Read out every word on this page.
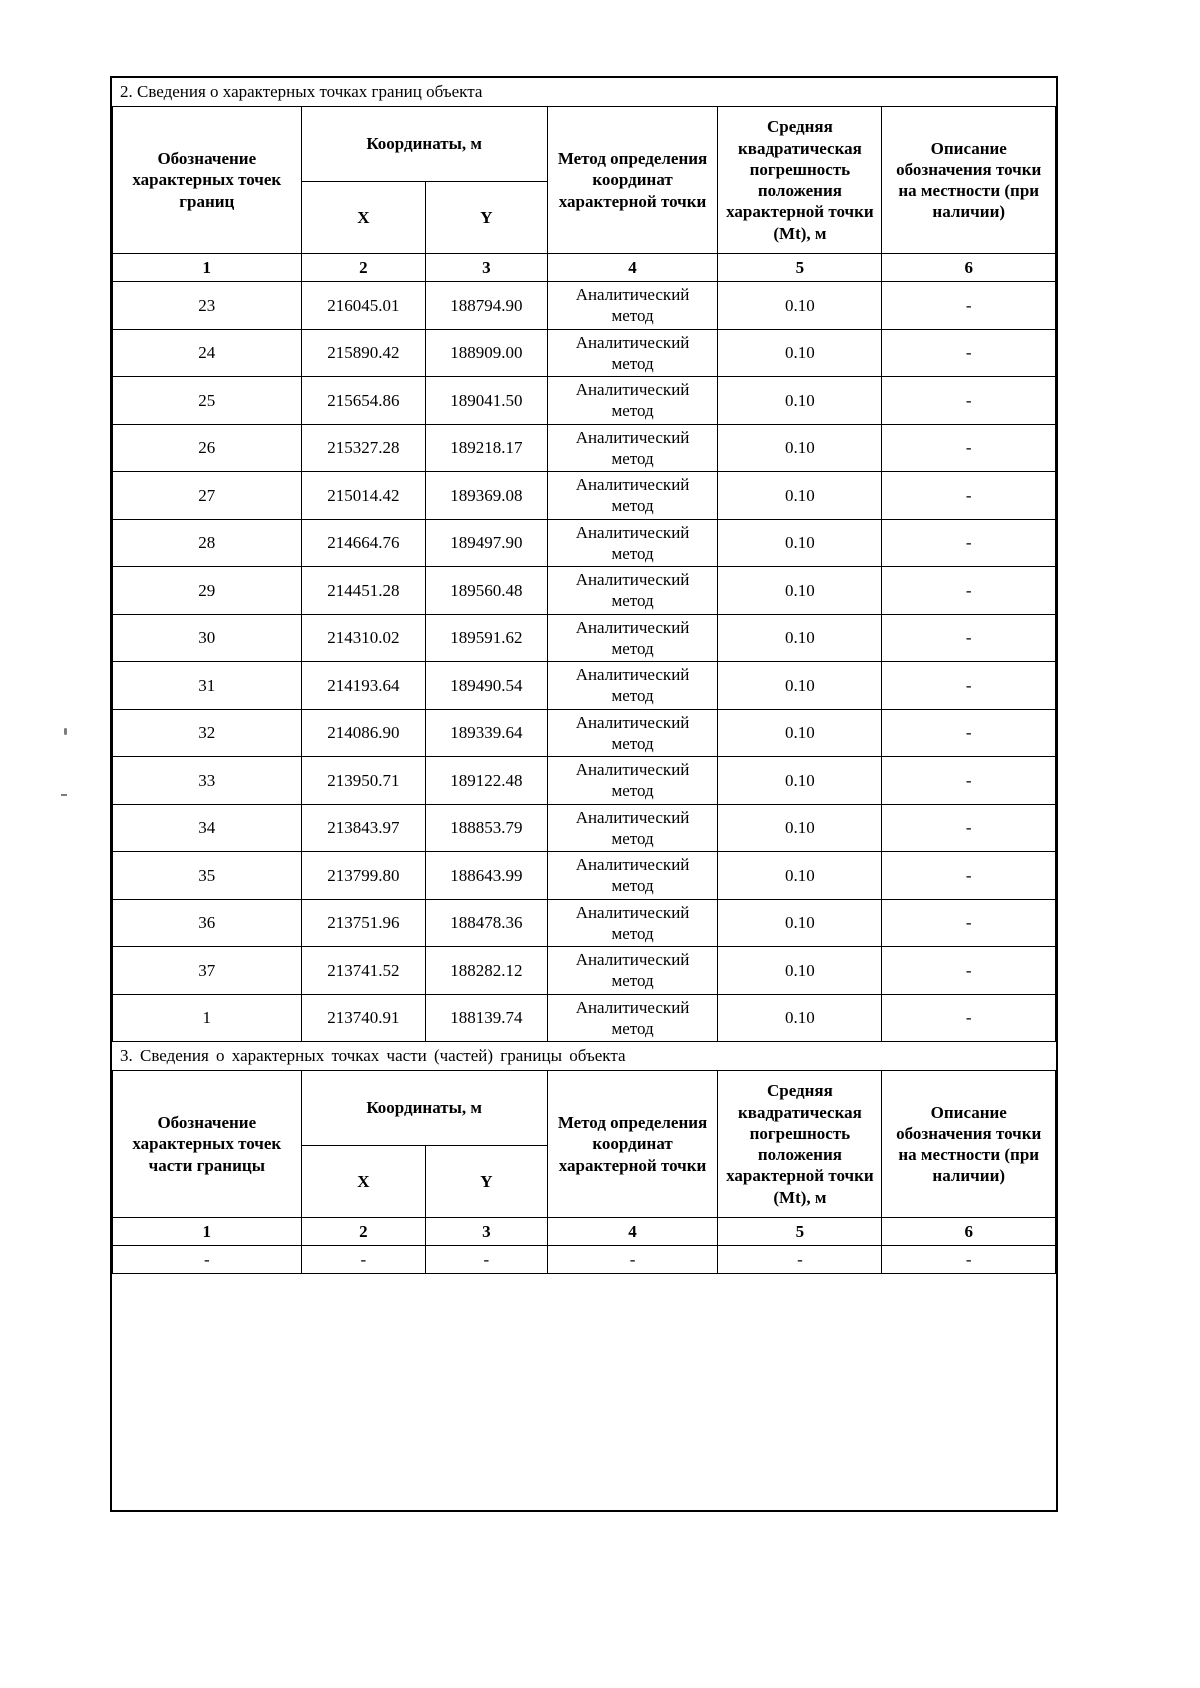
2. Сведения о характерных точках границ объекта
Обозначение характерных точек границ	Координаты, м		Метод определения координат характерной точки	Средняя квадратическая погрешность положения характерной точки (Mt), м	Описание обозначения точки на местности (при наличии)
	X	Y			
1	2	3	4	5	6
23	216045.01	188794.90	Аналитический метод	0.10	-
24	215890.42	188909.00	Аналитический метод	0.10	-
25	215654.86	189041.50	Аналитический метод	0.10	-
26	215327.28	189218.17	Аналитический метод	0.10	-
27	215014.42	189369.08	Аналитический метод	0.10	-
28	214664.76	189497.90	Аналитический метод	0.10	-
29	214451.28	189560.48	Аналитический метод	0.10	-
30	214310.02	189591.62	Аналитический метод	0.10	-
31	214193.64	189490.54	Аналитический метод	0.10	-
32	214086.90	189339.64	Аналитический метод	0.10	-
33	213950.71	189122.48	Аналитический метод	0.10	-
34	213843.97	188853.79	Аналитический метод	0.10	-
35	213799.80	188643.99	Аналитический метод	0.10	-
36	213751.96	188478.36	Аналитический метод	0.10	-
37	213741.52	188282.12	Аналитический метод	0.10	-
1	213740.91	188139.74	Аналитический метод	0.10	-
3. Сведения о характерных точках части (частей) границы объекта
Обозначение характерных точек части границы	Координаты, м		Метод определения координат характерной точки	Средняя квадратическая погрешность положения характерной точки (Mt), м	Описание обозначения точки на местности (при наличии)
	X	Y			
1	2	3	4	5	6
-	-	-	-	-	-
